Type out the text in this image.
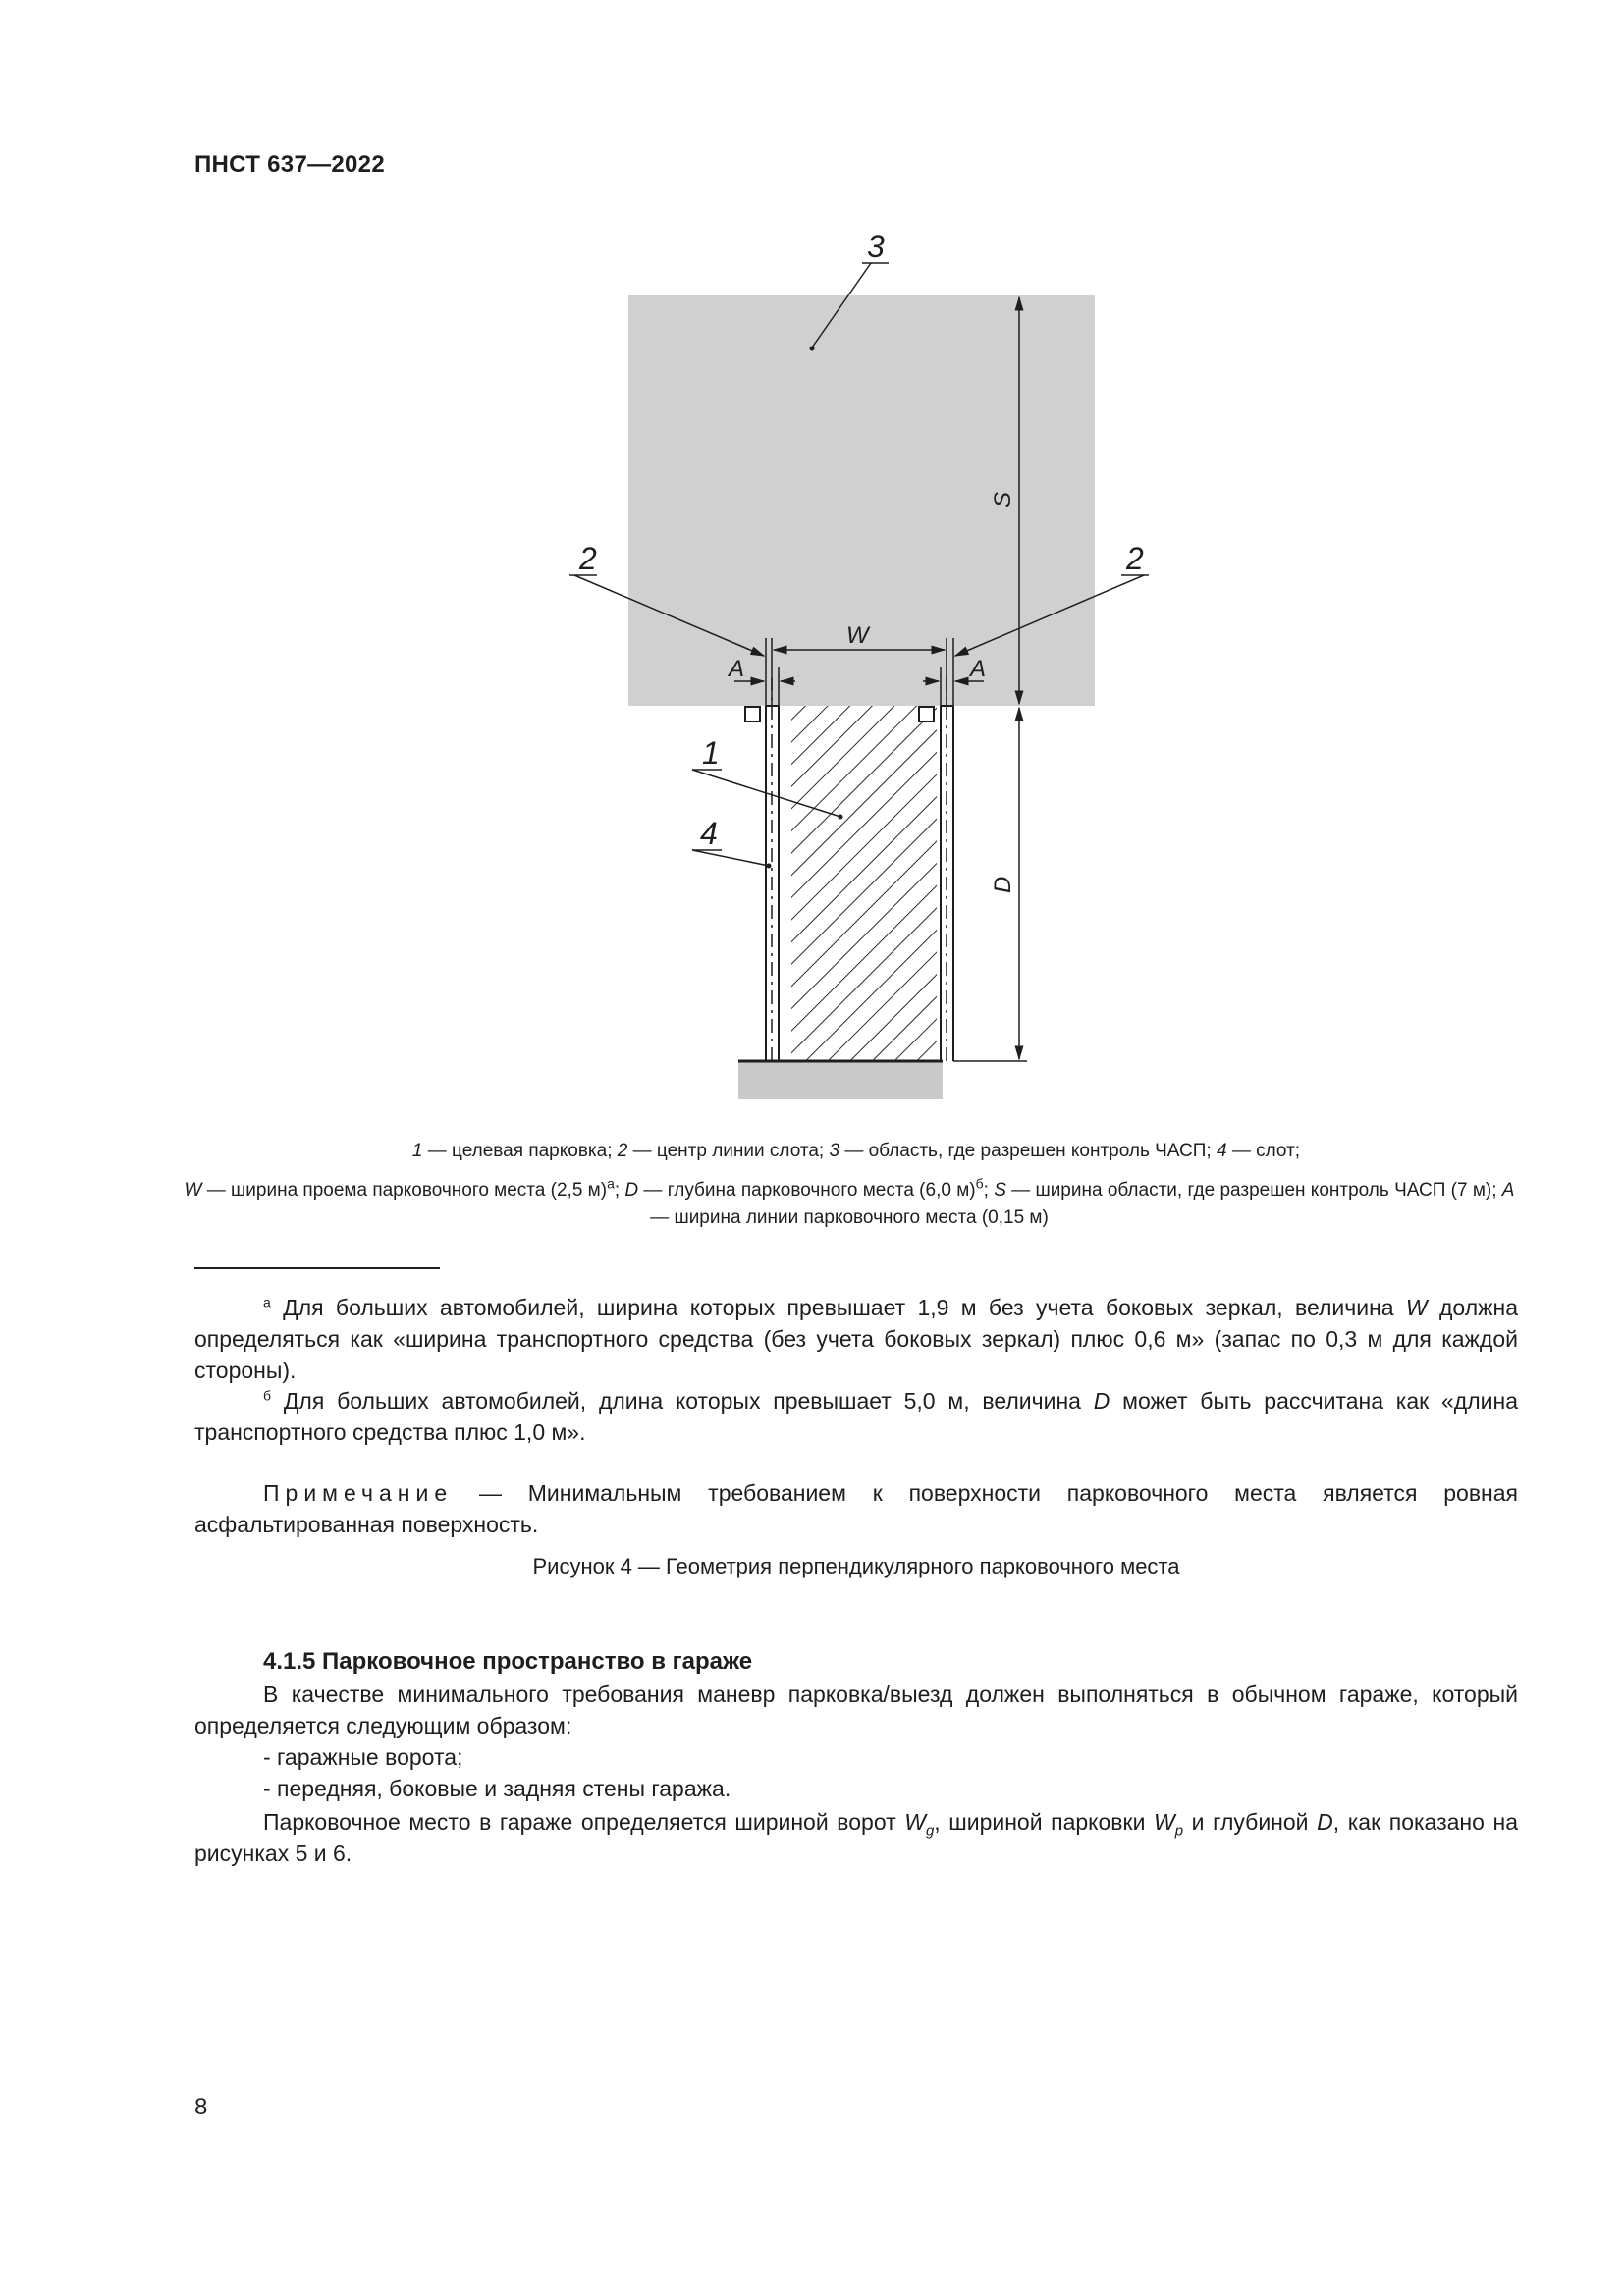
ПНСТ 637—2022
W
A	A
S
D
3
2	2
1
4
1 — целевая парковка; 2 — центр линии слота; 3 — область, где разрешен контроль ЧАСП; 4 — слот;
W — ширина проема парковочного места (2,5 м)$^а$; D — глубина парковочного места (6,0 м)$^б$; S — ширина области, где разрешен контроль ЧАСП (7 м); A — ширина линии парковочного места (0,15 м)
$^а$ Для больших автомобилей, ширина которых превышает 1,9 м без учета боковых зеркал, величина W должна определяться как «ширина транспортного средства (без учета боковых зеркал) плюс 0,6 м» (запас по 0,3 м для каждой стороны).
$^б$ Для больших автомобилей, длина которых превышает 5,0 м, величина D может быть рассчитана как «длина транспортного средства плюс 1,0 м».
Примечание — Минимальным требованием к поверхности парковочного места является ровная асфальтированная поверхность.
Рисунок 4 — Геометрия перпендикулярного парковочного места
4.1.5 Парковочное пространство в гараже
В качестве минимального требования маневр парковка/выезд должен выполняться в обычном гараже, который определяется следующим образом:
- гаражные ворота;
- передняя, боковые и задняя стены гаража.
Парковочное место в гараже определяется шириной ворот $W_g$, шириной парковки $W_p$ и глубиной D, как показано на рисунках 5 и 6.
8
